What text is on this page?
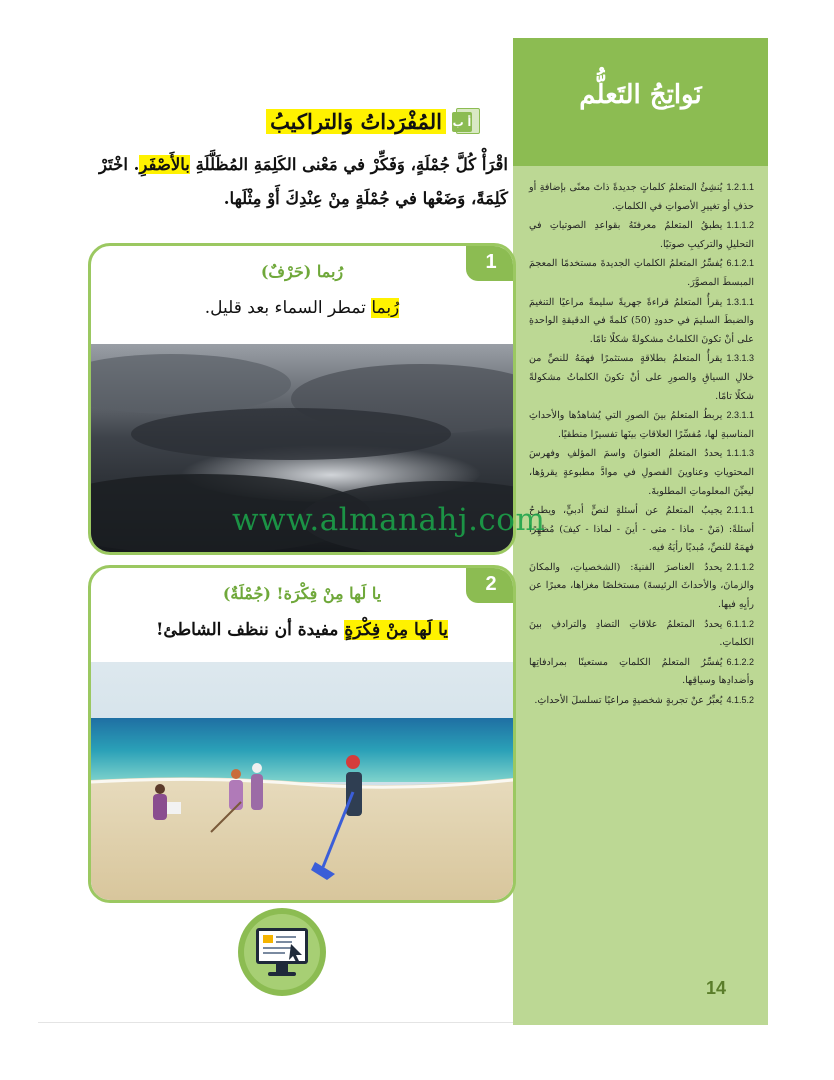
نَواتِجُ التَعلُّم

1.2.1.1يُنشِئُ المتعلمُ كلماتٍ جديدةً ذاتَ معنًى بإضافةِ أو حذفِ أو تغييرِ الأصواتِ في الكلماتِ.

1.1.1.2يطبقُ المتعلمُ معرفتَهُ بقواعدِ الصوتياتِ في التحليلِ والتركيبِ صوتيًا.

6.1.2.1يُفسِّرُ المتعلمُ الكلماتِ الجديدةَ مستخدمًا المعجمَ المبسطَ المصوَّرَ.

1.3.1.1يقرأُ المتعلمُ قراءةً جهريةً سليمةً مراعيًا التنغيمَ والضبطَ السليمَ في حدودِ (50) كلمةً في الدقيقةِ الواحدةِ على أنْ تكونَ الكلماتُ مشكولةً شكلًا تامًا.

1.3.1.3يقرأُ المتعلمُ بطلاقةٍ مستثمرًا فهمَهُ للنصِّ من خلالِ السياقِ والصورِ على أنْ تكونَ الكلماتُ مشكولةً شكلًا تامًا.

2.3.1.1يربطُ المتعلمُ بينَ الصورِ التي يُشاهدُها والأحداثِ المناسبةِ لها، مُفسِّرًا العلاقاتِ بينَها تفسيرًا منطقيًا.

1.1.1.3يحددُ المتعلمُ العنوانَ واسمَ المؤلفِ وفهرسَ المحتوياتِ وعناوينَ الفصولِ في موادَّ مطبوعةٍ يقرؤها، ليعيِّنَ المعلوماتِ المطلوبةَ.

2.1.1.1يجيبُ المتعلمُ عن أسئلةٍ لنصٍّ أدبيٍّ، ويطرحُ أسئلةً: (مَنْ - ماذا - متى - أينَ - لماذا - كيفَ) مُظهِرًا فهمَهُ للنصِّ، مُبديًا رأيَهُ فيه.

2.1.1.2يحددُ العناصرَ الفنيةَ: (الشخصياتِ، والمكانَ والزمانَ، والأحداثَ الرئيسةَ) مستخلصًا مغزاها، معبرًا عن رأيِهِ فيها.

6.1.1.2يحددُ المتعلمُ علاقاتِ التضادِ والترادفِ بينَ الكلماتِ.

6.1.2.2يُفسِّرُ المتعلمُ الكلماتِ مستعينًا بمرادفاتِها وأضدادِها وسياقِها.

4.1.5.2يُعبِّرُ عنْ تجربةٍ شخصيةٍ مراعيًا تسلسلَ الأحداثِ.

14
أ ب
المُفْرَداتُ وَالتراكيبُ
اقْرَأْ كُلَّ جُمْلَةٍ، وَفَكِّرْ في مَعْنى الكَلِمَةِ المُظَلَّلَةِ بالأَصْفَرِ. اخْتَرْ كَلِمَةً، وَضَعْها في جُمْلَةٍ مِنْ عِنْدِكَ أَوْ مِثْلَها.
1
رُبما (حَرْفٌ)
رُبما تمطر السماء بعد قليل.
2
يا لَها مِنْ فِكْرَة! (جُمْلَةٌ)
يا لَها مِنْ فِكْرَةٍ مفيدة أن ننظف الشاطئ!
www.almanahj.com
